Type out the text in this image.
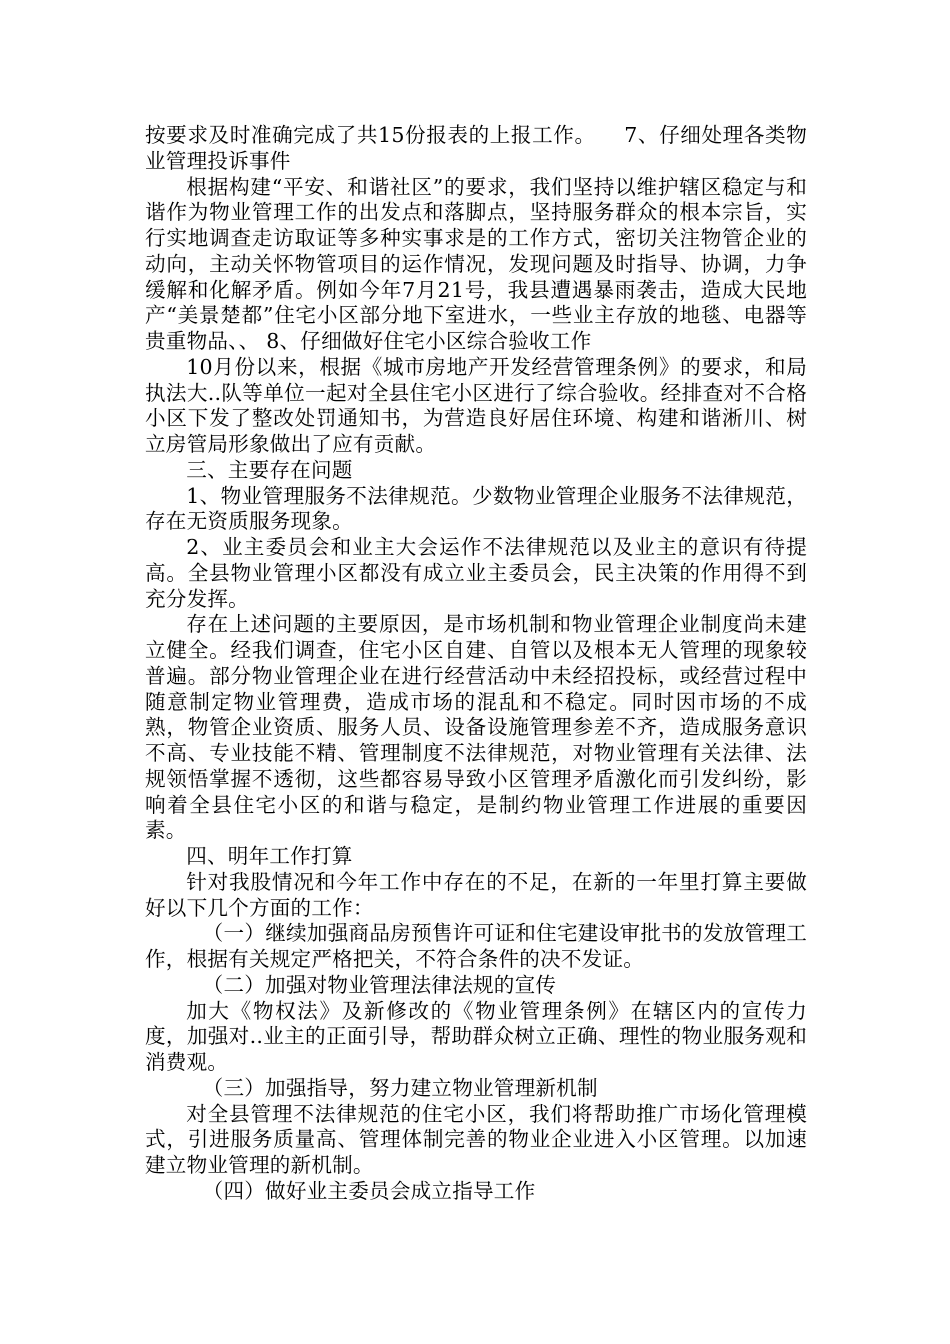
按要求及时准确完成了共15份报表的上报工作。    7、仔细处理各类物业管理投诉事件

根据构建“平安、和谐社区”的要求，我们坚持以维护辖区稳定与和谐作为物业管理工作的出发点和落脚点，坚持服务群众的根本宗旨，实行实地调查走访取证等多种实事求是的工作方式，密切关注物管企业的动向，主动关怀物管项目的运作情况，发现问题及时指导、协调，力争缓解和化解矛盾。例如今年7月21号，我县遭遇暴雨袭击，造成大民地产“美景楚都”住宅小区部分地下室进水，一些业主存放的地毯、电器等贵重物品、、 8、仔细做好住宅小区综合验收工作

10月份以来，根据《城市房地产开发经营管理条例》的要求，和局执法大..队等单位一起对全县住宅小区进行了综合验收。经排查对不合格小区下发了整改处罚通知书，为营造良好居住环境、构建和谐淅川、树立房管局形象做出了应有贡献。

三、主要存在问题

1、物业管理服务不法律规范。少数物业管理企业服务不法律规范，存在无资质服务现象。

2、业主委员会和业主大会运作不法律规范以及业主的意识有待提高。全县物业管理小区都没有成立业主委员会，民主决策的作用得不到充分发挥。

存在上述问题的主要原因，是市场机制和物业管理企业制度尚未建立健全。经我们调查，住宅小区自建、自管以及根本无人管理的现象较普遍。部分物业管理企业在进行经营活动中未经招投标，或经营过程中随意制定物业管理费，造成市场的混乱和不稳定。同时因市场的不成熟，物管企业资质、服务人员、设备设施管理参差不齐，造成服务意识不高、专业技能不精、管理制度不法律规范，对物业管理有关法律、法规领悟掌握不透彻，这些都容易导致小区管理矛盾激化而引发纠纷，影响着全县住宅小区的和谐与稳定，是制约物业管理工作进展的重要因素。

四、明年工作打算

针对我股情况和今年工作中存在的不足，在新的一年里打算主要做好以下几个方面的工作：

（一）继续加强商品房预售许可证和住宅建设审批书的发放管理工作，根据有关规定严格把关，不符合条件的决不发证。

（二）加强对物业管理法律法规的宣传

加大《物权法》及新修改的《物业管理条例》在辖区内的宣传力度，加强对..业主的正面引导，帮助群众树立正确、理性的物业服务观和消费观。

（三）加强指导，努力建立物业管理新机制

对全县管理不法律规范的住宅小区，我们将帮助推广市场化管理模式，引进服务质量高、管理体制完善的物业企业进入小区管理。以加速建立物业管理的新机制。

（四）做好业主委员会成立指导工作
